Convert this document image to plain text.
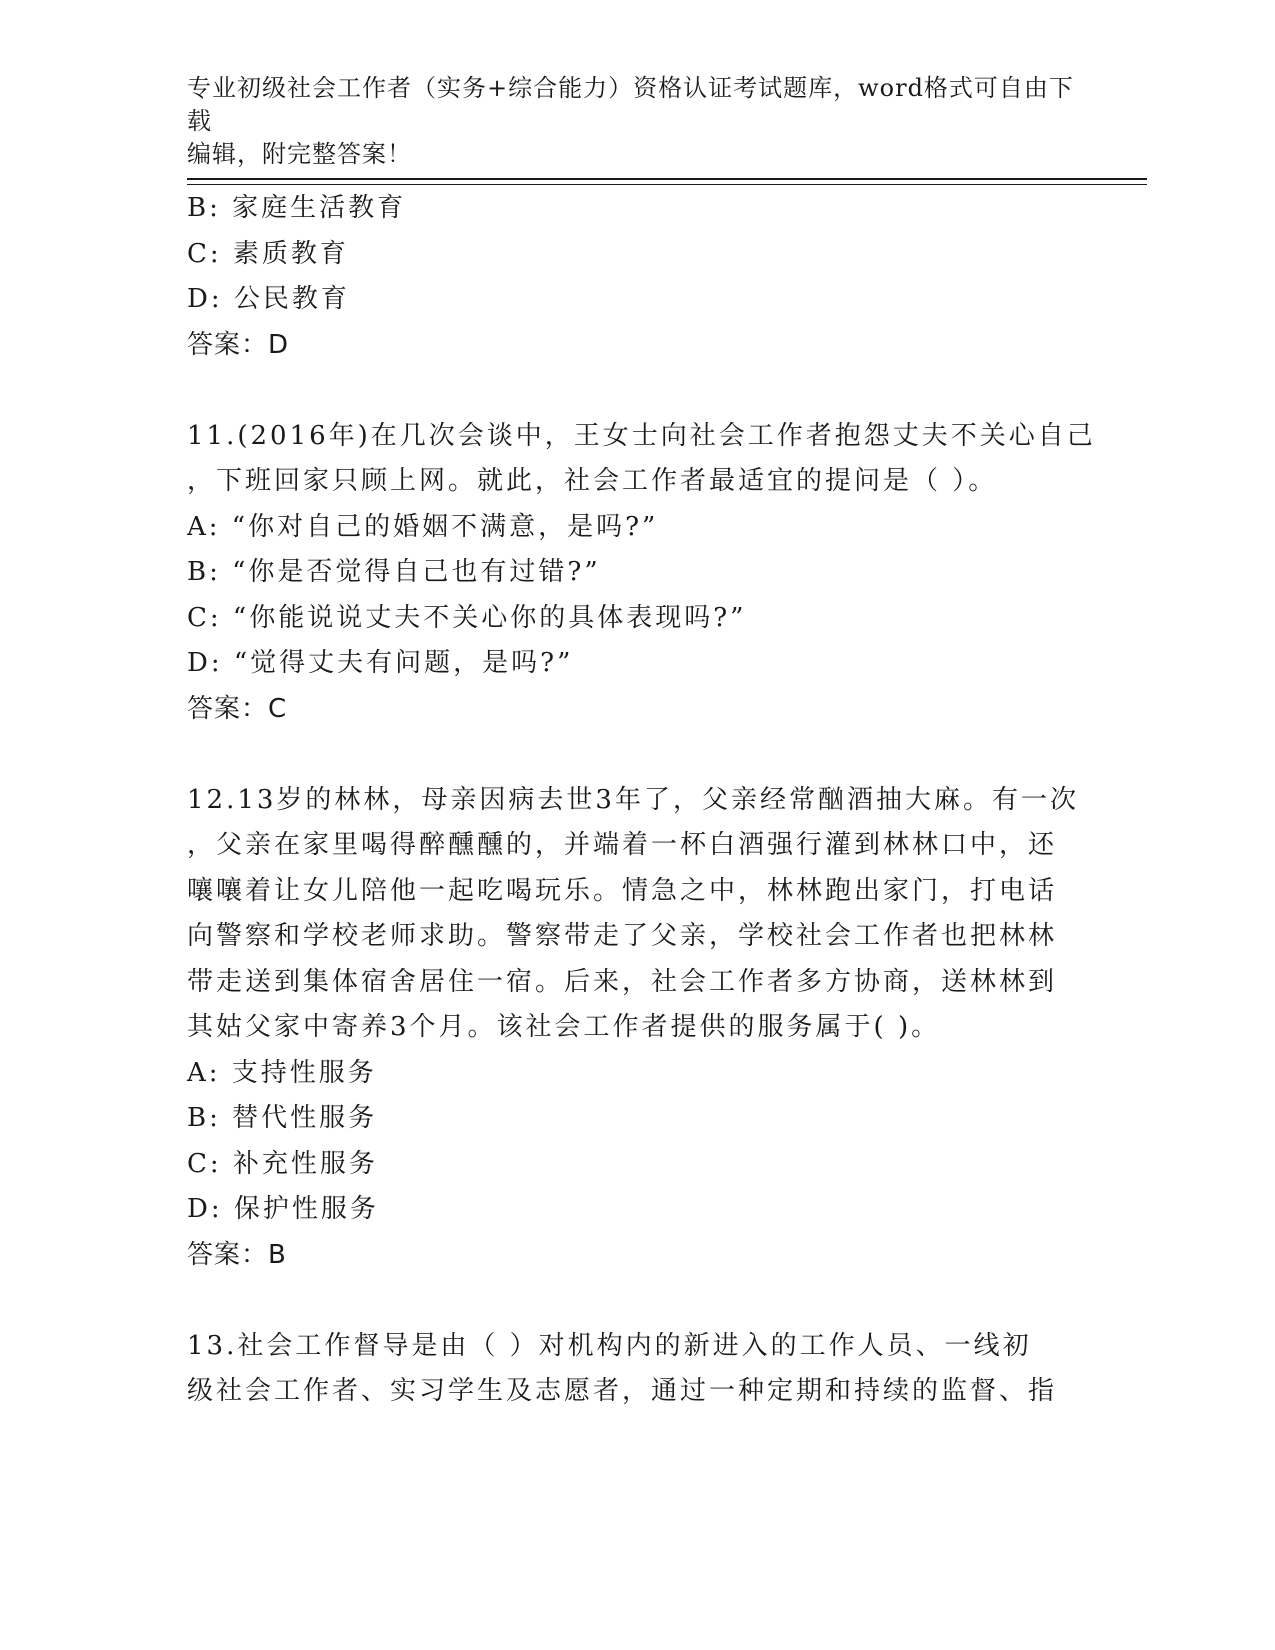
专业初级社会工作者（实务+综合能力）资格认证考试题库，word格式可自由下载
编辑，附完整答案！
B: 家庭生活教育
C: 素质教育
D: 公民教育
答案：D
11.(2016年)在几次会谈中，王女士向社会工作者抱怨丈夫不关心自己
，下班回家只顾上网。就此，社会工作者最适宜的提问是（ ）。
A: “你对自己的婚姻不满意，是吗?”
B: “你是否觉得自己也有过错?”
C: “你能说说丈夫不关心你的具体表现吗?”
D: “觉得丈夫有问题，是吗?”
答案：C
12.13岁的林林，母亲因病去世3年了，父亲经常酗酒抽大麻。有一次
，父亲在家里喝得醉醺醺的，并端着一杯白酒强行灌到林林口中，还
嚷嚷着让女儿陪他一起吃喝玩乐。情急之中，林林跑出家门，打电话
向警察和学校老师求助。警察带走了父亲，学校社会工作者也把林林
带走送到集体宿舍居住一宿。后来，社会工作者多方协商，送林林到
其姑父家中寄养3个月。该社会工作者提供的服务属于( )。
A: 支持性服务
B: 替代性服务
C: 补充性服务
D: 保护性服务
答案：B
13.社会工作督导是由（ ）对机构内的新进入的工作人员、一线初
级社会工作者、实习学生及志愿者，通过一种定期和持续的监督、指
